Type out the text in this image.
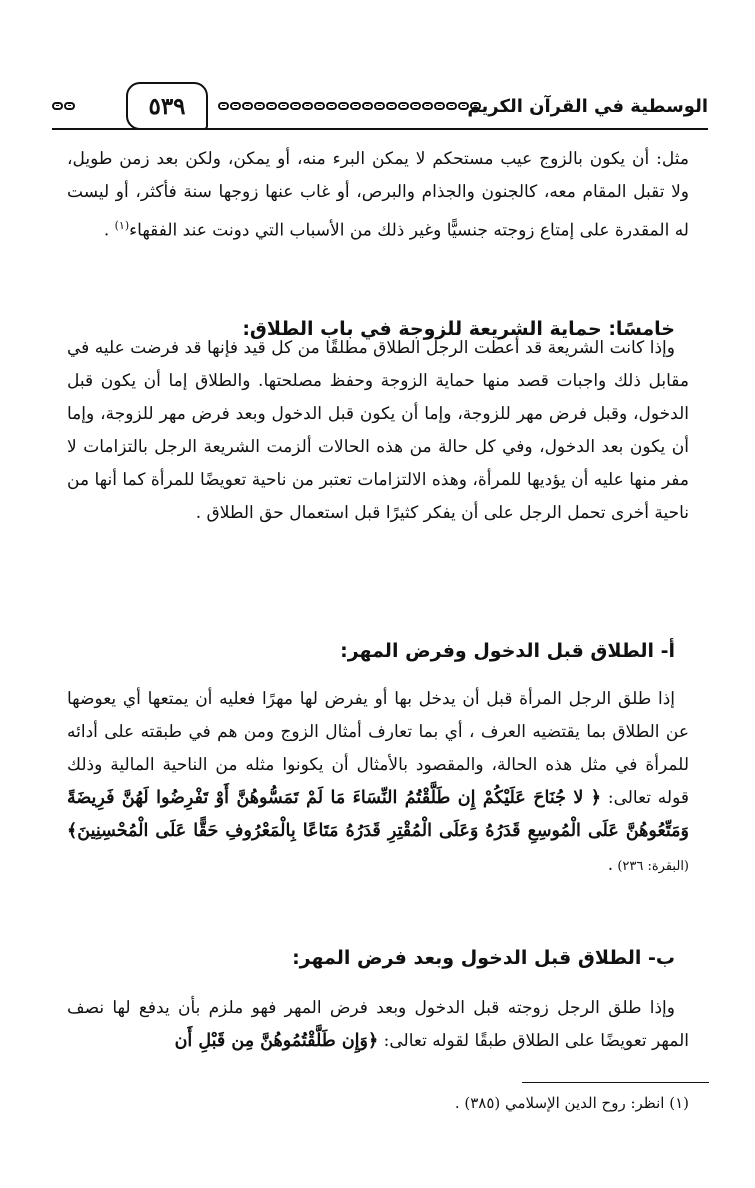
٥٣٩	الوسطية في القرآن الكريم

مثل: أن يكون بالزوج عيب مستحكم لا يمكن البرء منه، أو يمكن، ولكن بعد زمن طويل، ولا تقبل المقام معه، كالجنون والجذام والبرص، أو غاب عنها زوجها سنة فأكثر، أو ليست له المقدرة على إمتاع زوجته جنسيًّا وغير ذلك من الأسباب التي دونت عند الفقهاء$^{(١)}$ .

خامسًا: حماية الشريعة للزوجة في باب الطلاق:

وإذا كانت الشريعة قد أعطت الرجل الطلاق مطلقًا من كل قيد فإنها قد فرضت عليه في مقابل ذلك واجبات قصد منها حماية الزوجة وحفظ مصلحتها. والطلاق إما أن يكون قبل الدخول، وقبل فرض مهر للزوجة، وإما أن يكون قبل الدخول وبعد فرض مهر للزوجة، وإما أن يكون بعد الدخول، وفي كل حالة من هذه الحالات ألزمت الشريعة الرجل بالتزامات لا مفر منها عليه أن يؤديها للمرأة، وهذه الالتزامات تعتبر من ناحية تعويضًا للمرأة كما أنها من ناحية أخرى تحمل الرجل على أن يفكر كثيرًا قبل استعمال حق الطلاق .

أ- الطلاق قبل الدخول وفرض المهر:

إذا طلق الرجل المرأة قبل أن يدخل بها أو يفرض لها مهرًا فعليه أن يمتعها أي يعوضها عن الطلاق بما يقتضيه العرف ، أي بما تعارف أمثال الزوج ومن هم في طبقته على أدائه للمرأة في مثل هذه الحالة، والمقصود بالأمثال أن يكونوا مثله من الناحية المالية وذلك قوله تعالى: ﴿ لا جُنَاحَ عَلَيْكُمْ إِن طَلَّقْتُمُ النِّسَاءَ مَا لَمْ تَمَسُّوهُنَّ أَوْ تَفْرِضُوا لَهُنَّ فَرِيضَةً وَمَتِّعُوهُنَّ عَلَى الْمُوسِعِ قَدَرُهُ وَعَلَى الْمُقْتِرِ قَدَرُهُ مَتَاعًا بِالْمَعْرُوفِ حَقًّا عَلَى الْمُحْسِنِينَ﴾ (البقرة: ٢٣٦) .

ب- الطلاق قبل الدخول وبعد فرض المهر:

وإذا طلق الرجل زوجته قبل الدخول وبعد فرض المهر فهو ملزم بأن يدفع لها نصف المهر تعويضًا على الطلاق طبقًا لقوله تعالى: ﴿وَإِن طَلَّقْتُمُوهُنَّ مِن قَبْلِ أَن

(١) انظر: روح الدين الإسلامي (٣٨٥) .
